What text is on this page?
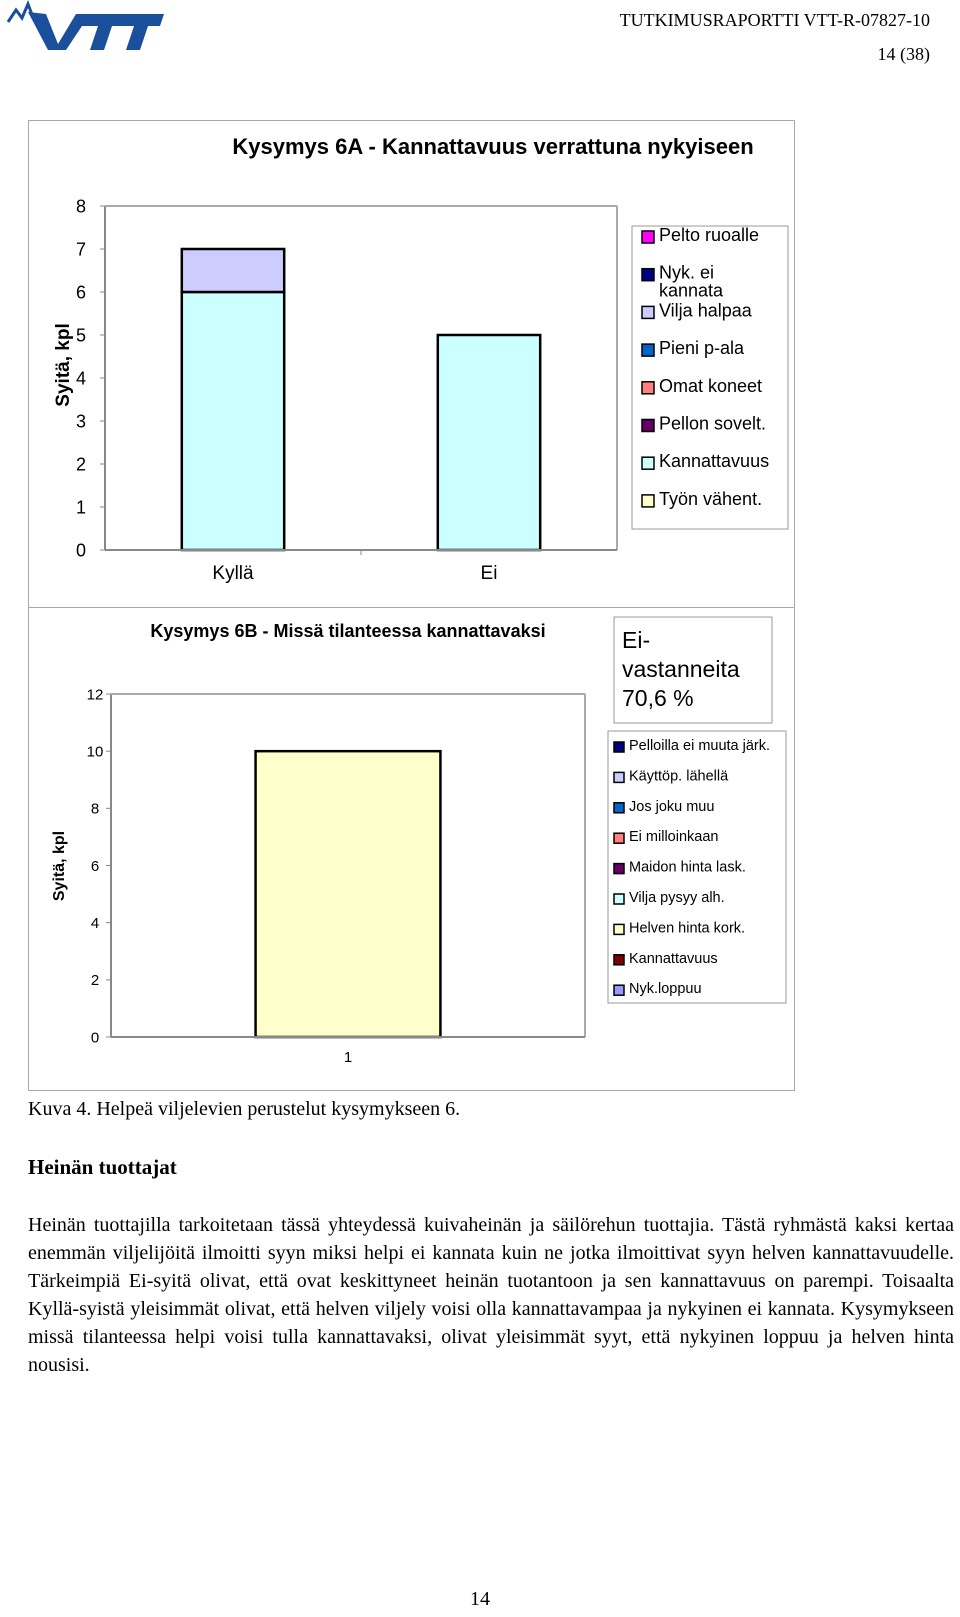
VTT
TUTKIMUSRAPORTTI VTT-R-07827-10
14 (38)
Kysymys 6A - Kannattavuus verrattuna nykyiseen
Syitä, kpl
0
1
2
3
4
5
6
7
8
Kyllä	Ei
Pelto ruoalle
Nyk. ei kannata
Vilja halpaa
Pieni p-ala
Omat koneet
Pellon sovelt.
Kannattavuus
Työn vähent.
Kysymys 6B - Missä tilanteessa kannattavaksi
Syitä, kpl
0
2
4
6
8
10
12
1
Ei-vastanneita 70,6 %
Pelloilla ei muuta järk.
Käyttöp. lähellä
Jos joku muu
Ei milloinkaan
Maidon hinta lask.
Vilja pysyy alh.
Helven hinta kork.
Kannattavuus
Nyk.loppuu
Kuva 4. Helpeä viljelevien perustelut kysymykseen 6.
Heinän tuottajat
Heinän tuottajilla tarkoitetaan tässä yhteydessä kuivaheinän ja säilörehun tuottajia. Tästä ryhmästä kaksi kertaa enemmän viljelijöitä ilmoitti syyn miksi helpi ei kannata kuin ne jotka ilmoittivat syyn helven kannattavuudelle. Tärkeimpiä Ei-syitä olivat, että ovat keskittyneet heinän tuotantoon ja sen kannattavuus on parempi. Toisaalta Kyllä-syistä yleisimmät olivat, että helven viljely voisi olla kannattavampaa ja nykyinen ei kannata. Kysymykseen missä tilanteessa helpi voisi tulla kannattavaksi, olivat yleisimmät syyt, että nykyinen loppuu ja helven hinta nousisi.
14
